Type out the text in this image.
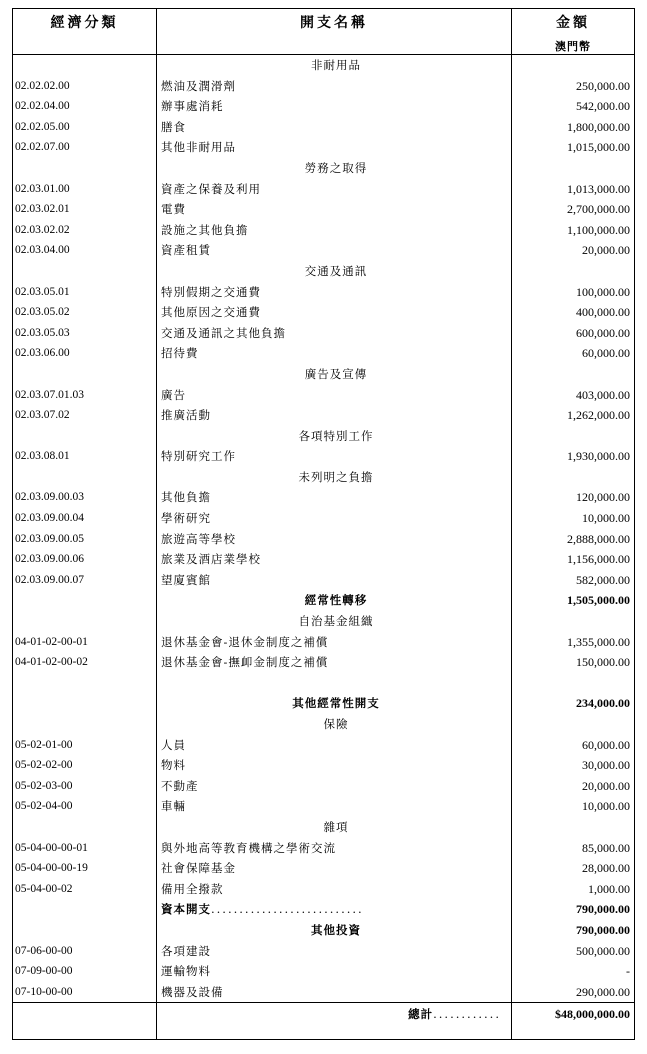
經濟分類	開支名稱	金額
澳門幣

	非耐用品	
02.02.02.00	燃油及潤滑劑	250,000.00
02.02.04.00	辦事處消耗	542,000.00
02.02.05.00	膳食	1,800,000.00
02.02.07.00	其他非耐用品	1,015,000.00
	勞務之取得	
02.03.01.00	資產之保養及利用	1,013,000.00
02.03.02.01	電費	2,700,000.00
02.03.02.02	設施之其他負擔	1,100,000.00
02.03.04.00	資產租賃	20,000.00
	交通及通訊	
02.03.05.01	特別假期之交通費	100,000.00
02.03.05.02	其他原因之交通費	400,000.00
02.03.05.03	交通及通訊之其他負擔	600,000.00
02.03.06.00	招待費	60,000.00
	廣告及宣傳	
02.03.07.01.03	廣告	403,000.00
02.03.07.02	推廣活動	1,262,000.00
	各項特別工作	
02.03.08.01	特別研究工作	1,930,000.00
	未列明之負擔	
02.03.09.00.03	其他負擔	120,000.00
02.03.09.00.04	學術研究	10,000.00
02.03.09.00.05	旅遊高等學校	2,888,000.00
02.03.09.00.06	旅業及酒店業學校	1,156,000.00
02.03.09.00.07	望廈賓館	582,000.00
	經常性轉移	1,505,000.00
	自治基金組織	
04-01-02-00-01	退休基金會-退休金制度之補償	1,355,000.00
04-01-02-00-02	退休基金會-撫卹金制度之補償	150,000.00

	其他經常性開支	234,000.00
	保險	
05-02-01-00	人員	60,000.00
05-02-02-00	物料	30,000.00
05-02-03-00	不動產	20,000.00
05-02-04-00	車輛	10,000.00
	雜項	
05-04-00-00-01	與外地高等教育機構之學術交流	85,000.00
05-04-00-00-19	社會保障基金	28,000.00
05-04-00-02	備用全撥款	1,000.00
	資本開支...........................	790,000.00
	其他投資	790,000.00
07-06-00-00	各項建設	500,000.00
07-09-00-00	運輸物料	-
07-10-00-00	機器及設備	290,000.00
	總計............	$48,000,000.00
